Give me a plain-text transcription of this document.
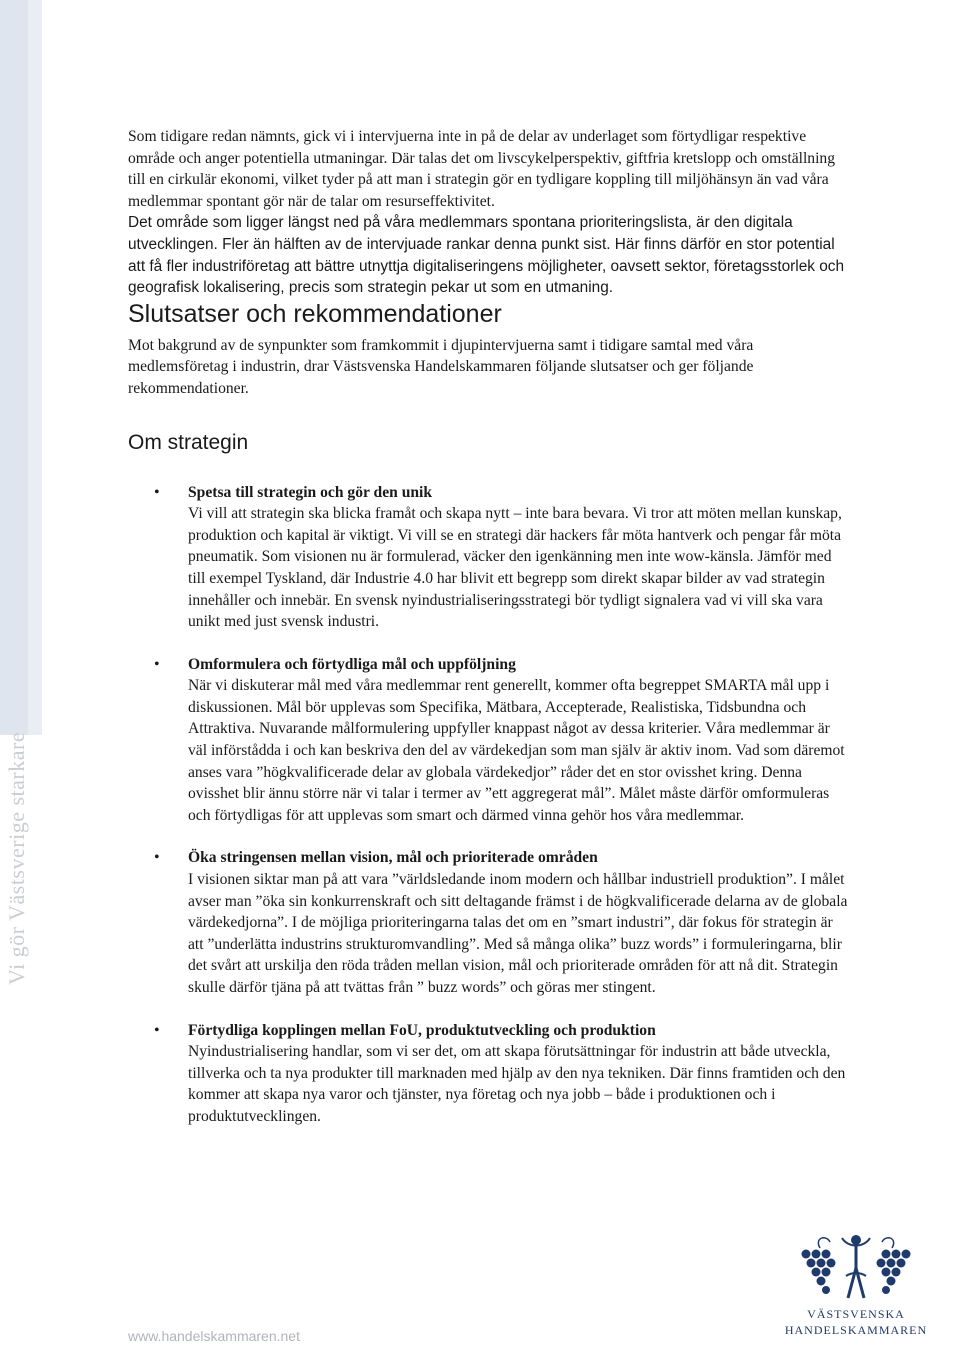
Vi gör Västsverige starkare

Som tidigare redan nämnts, gick vi i intervjuerna inte in på de delar av underlaget som förtydligar respektive område och anger potentiella utmaningar. Där talas det om livscykelperspektiv, giftfria kretslopp och omställning till en cirkulär ekonomi, vilket tyder på att man i strategin gör en tydligare koppling till miljöhänsyn än vad våra medlemmar spontant gör när de talar om resurseffektivitet.

Det område som ligger längst ned på våra medlemmars spontana prioriteringslista, är den digitala utvecklingen. Fler än hälften av de intervjuade rankar denna punkt sist. Här finns därför en stor potential att få fler industriföretag att bättre utnyttja digitaliseringens möjligheter, oavsett sektor, företagsstorlek och geografisk lokalisering, precis som strategin pekar ut som en utmaning.

Slutsatser och rekommendationer

Mot bakgrund av de synpunkter som framkommit i djupintervjuerna samt i tidigare samtal med våra medlemsföretag i industrin, drar Västsvenska Handelskammaren följande slutsatser och ger följande rekommendationer.

Om strategin
• Spetsa till strategin och gör den unik

Vi vill att strategin ska blicka framåt och skapa nytt – inte bara bevara. Vi tror att möten mellan kunskap, produktion och kapital är viktigt. Vi vill se en strategi där hackers får möta hantverk och pengar får möta pneumatik. Som visionen nu är formulerad, väcker den igenkänning men inte wow-känsla. Jämför med till exempel Tyskland, där Industrie 4.0 har blivit ett begrepp som direkt skapar bilder av vad strategin innehåller och innebär. En svensk nyindustrialiseringsstrategi bör tydligt signalera vad vi vill ska vara unikt med just svensk industri.

• Omformulera och förtydliga mål och uppföljning

När vi diskuterar mål med våra medlemmar rent generellt, kommer ofta begreppet SMARTA mål upp i diskussionen. Mål bör upplevas som Specifika, Mätbara, Accepterade, Realistiska, Tidsbundna och Attraktiva. Nuvarande målformulering uppfyller knappast något av dessa kriterier. Våra medlemmar är väl införstådda i och kan beskriva den del av värdekedjan som man själv är aktiv inom. Vad som däremot anses vara ”högkvalificerade delar av globala värdekedjor” råder det en stor ovisshet kring. Denna ovisshet blir ännu större när vi talar i termer av ”ett aggregerat mål”. Målet måste därför omformuleras och förtydligas för att upplevas som smart och därmed vinna gehör hos våra medlemmar.

• Öka stringensen mellan vision, mål och prioriterade områden

I visionen siktar man på att vara ”världsledande inom modern och hållbar industriell produktion”. I målet avser man ”öka sin konkurrenskraft och sitt deltagande främst i de högkvalificerade delarna av de globala värdekedjorna”. I de möjliga prioriteringarna talas det om en ”smart industri”, där fokus för strategin är att ”underlätta industrins strukturomvandling”. Med så många olika” buzz words” i formuleringarna, blir det svårt att urskilja den röda tråden mellan vision, mål och prioriterade områden för att nå dit. Strategin skulle därför tjäna på att tvättas från ” buzz words” och göras mer stingent.

• Förtydliga kopplingen mellan FoU, produktutveckling och produktion

Nyindustrialisering handlar, som vi ser det, om att skapa förutsättningar för industrin att både utveckla, tillverka och ta nya produkter till marknaden med hjälp av den nya tekniken. Där finns framtiden och den kommer att skapa nya varor och tjänster, nya företag och nya jobb – både i produktionen och i produktutvecklingen.

www.handelskammaren.net
VÄSTSVENSKA
HANDELSKAMMAREN
